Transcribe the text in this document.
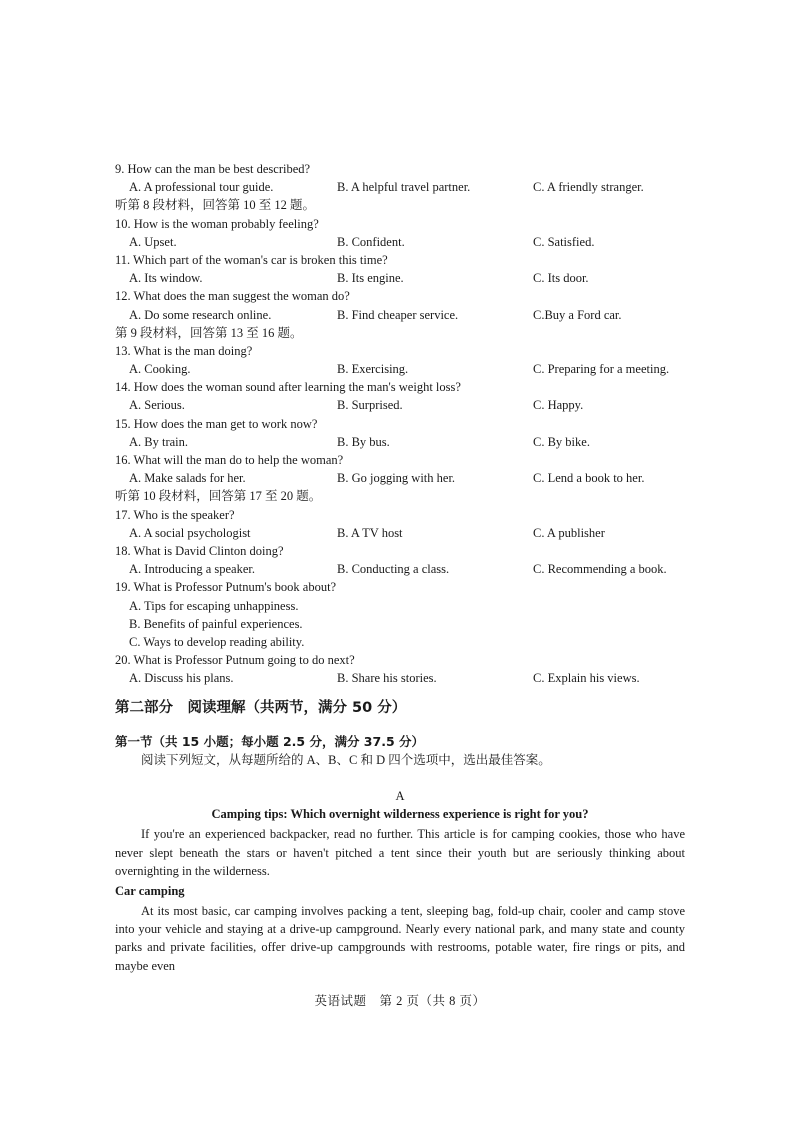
9. How can the man be best described?
A. A professional tour guide.	B. A helpful travel partner.	C. A friendly stranger.
听第 8 段材料，回答第 10 至 12 题。
10. How is the woman probably feeling?
A. Upset.	B. Confident.	C. Satisfied.
11. Which part of the woman's car is broken this time?
A. Its window.	B. Its engine.	C. Its door.
12. What does the man suggest the woman do?
A. Do some research online.	B. Find cheaper service.	C.Buy a Ford car.
第 9 段材料，回答第 13 至 16 题。
13. What is the man doing?
A. Cooking.	B. Exercising.	C. Preparing for a meeting.
14. How does the woman sound after learning the man's weight loss?
A. Serious.	B. Surprised.	C. Happy.
15. How does the man get to work now?
A. By train.	B. By bus.	C. By bike.
16. What will the man do to help the woman?
A. Make salads for her.	B. Go jogging with her.	C. Lend a book to her.
听第 10 段材料，回答第 17 至 20 题。
17. Who is the speaker?
A. A social psychologist	B. A TV host	C. A publisher
18. What is David Clinton doing?
A. Introducing a speaker.	B. Conducting a class.	C. Recommending a book.
19. What is Professor Putnum's book about?
A. Tips for escaping unhappiness.
B. Benefits of painful experiences.
C. Ways to develop reading ability.
20. What is Professor Putnum going to do next?
A. Discuss his plans.	B. Share his stories.	C. Explain his views.
第二部分　阅读理解（共两节，满分 50 分）
第一节（共 15 小题；每小题 2.5 分，满分 37.5 分）
阅读下列短文，从每题所给的 A、B、C 和 D 四个选项中，选出最佳答案。
A
Camping tips: Which overnight wilderness experience is right for you?

If you're an experienced backpacker, read no further. This article is for camping cookies, those who have never slept beneath the stars or haven't pitched a tent since their youth but are seriously thinking about overnighting in the wilderness.

Car camping

At its most basic, car camping involves packing a tent, sleeping bag, fold-up chair, cooler and camp stove into your vehicle and staying at a drive-up campground. Nearly every national park, and many state and county parks and private facilities, offer drive-up campgrounds with restrooms, potable water, fire rings or pits, and maybe even

英语试题　第 2 页（共 8 页）
